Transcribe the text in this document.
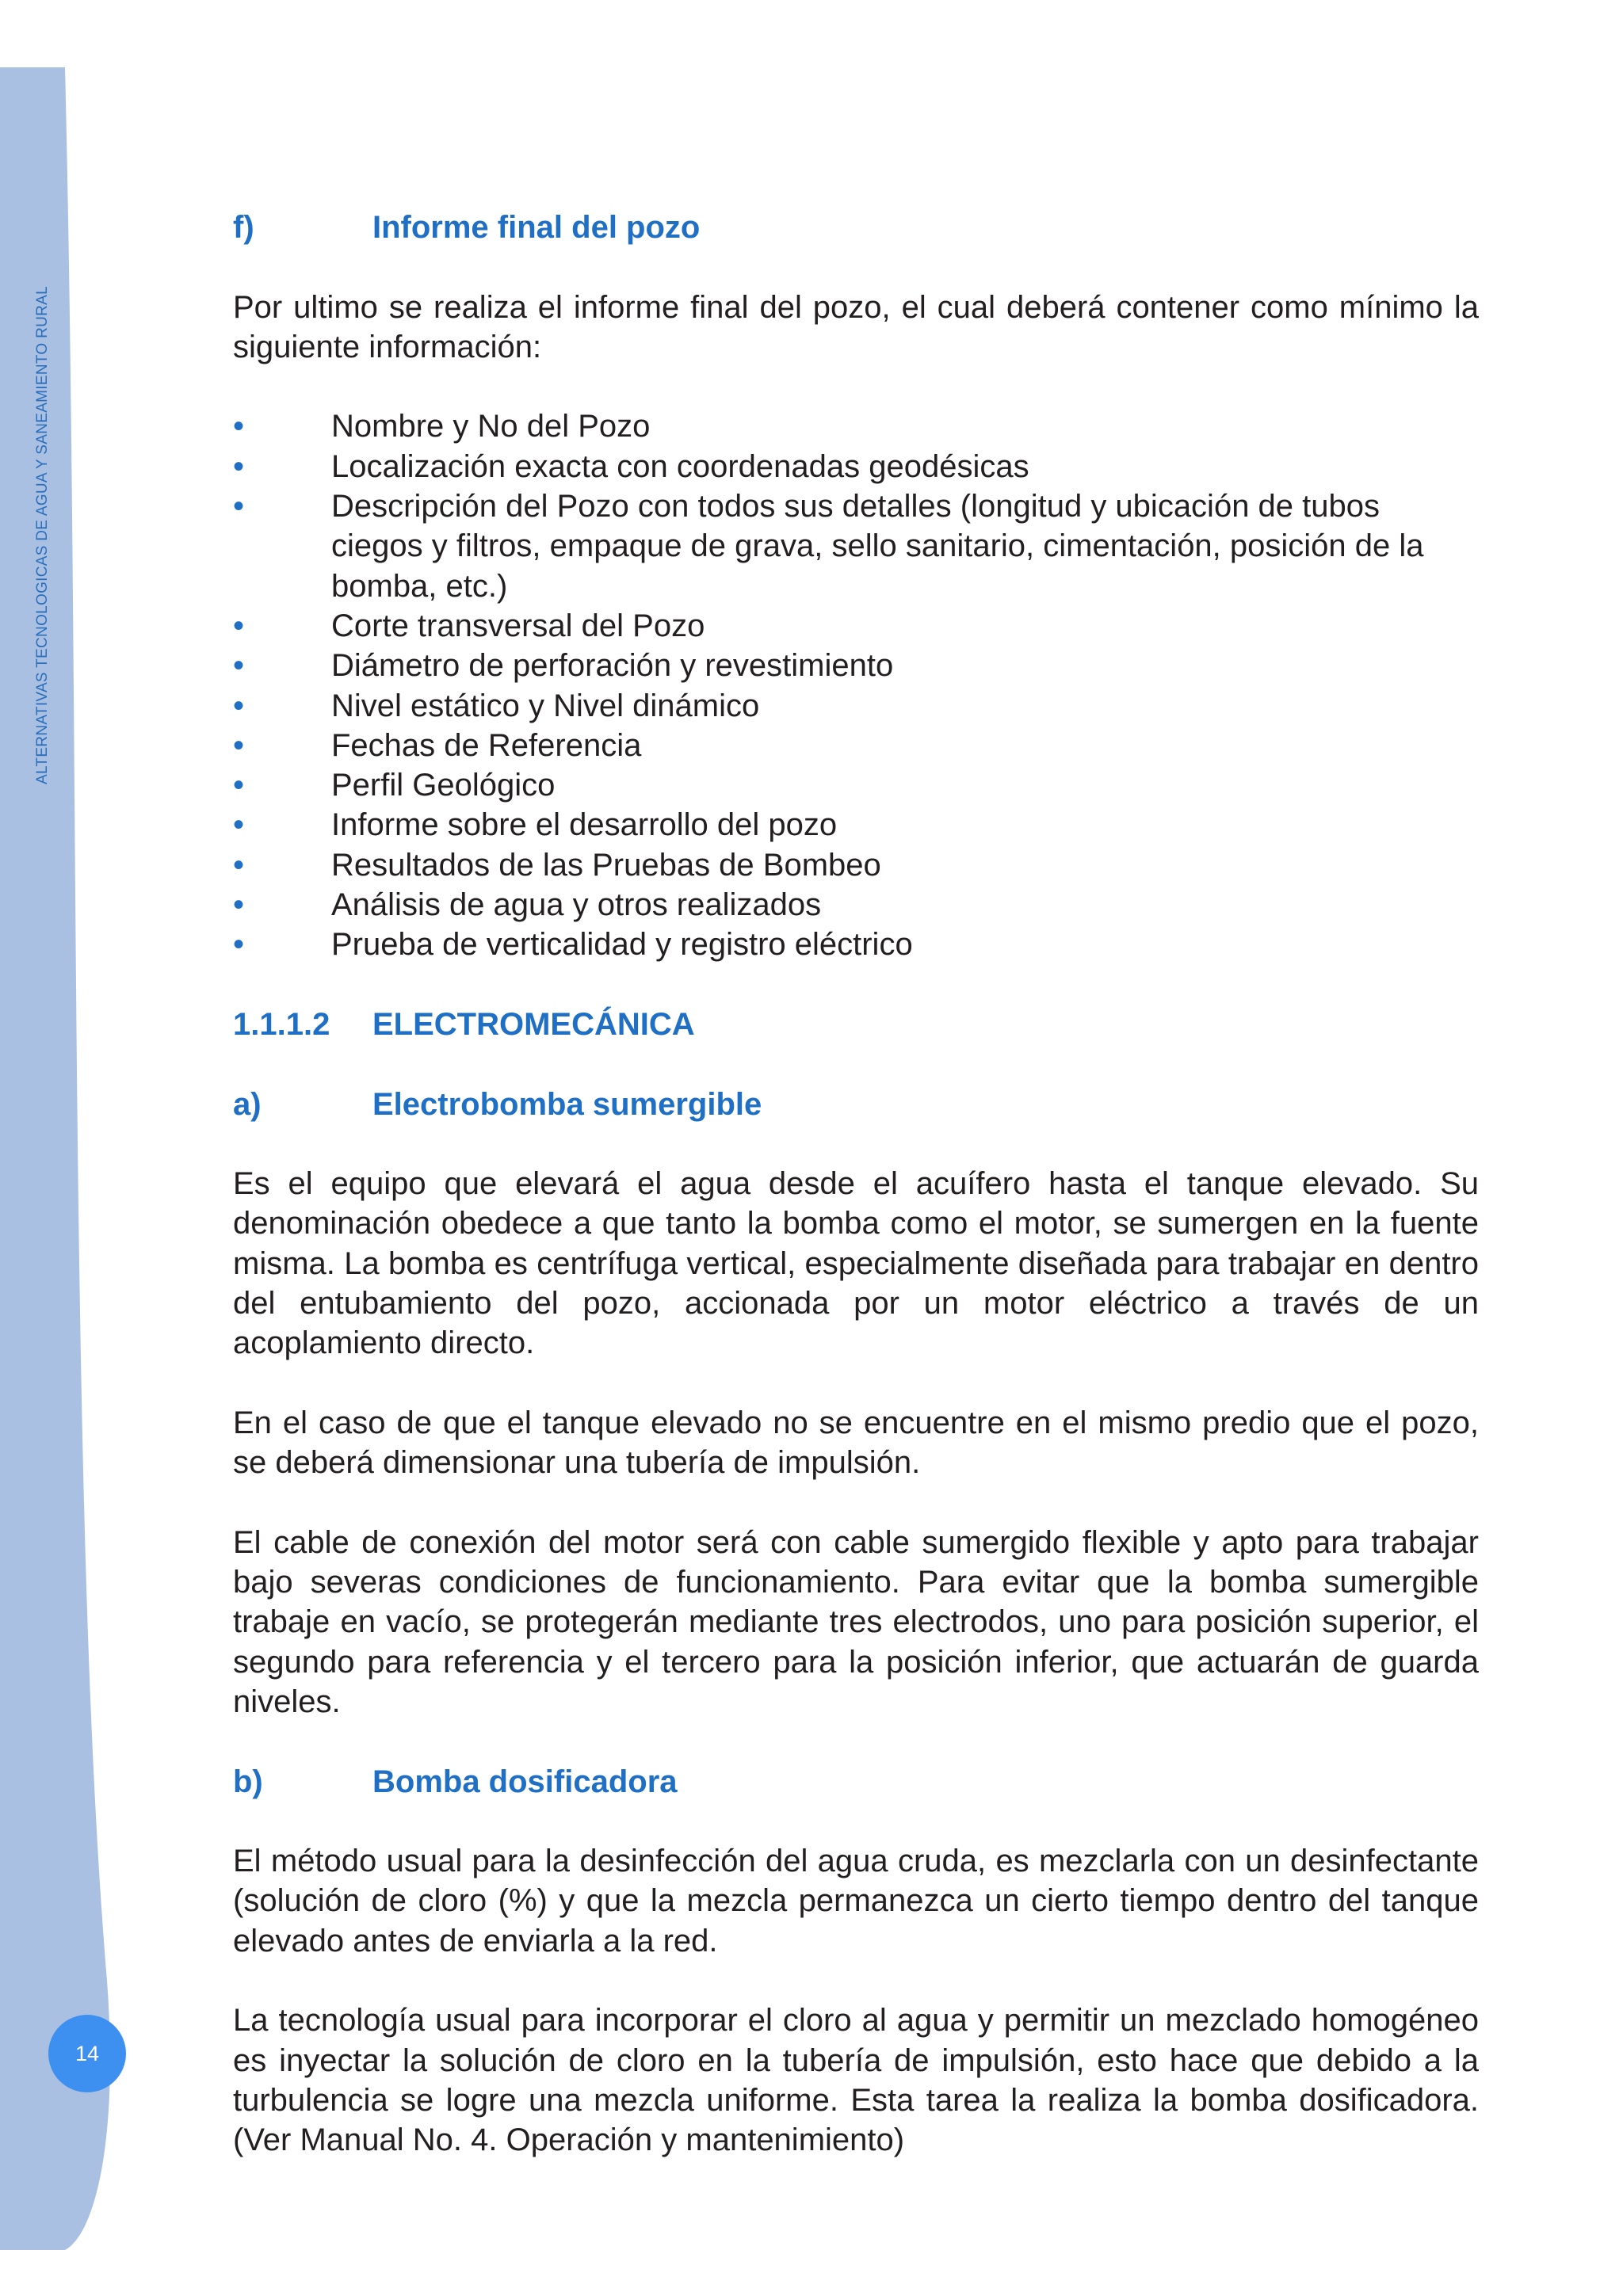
ALTERNATIVAS TECNOLOGICAS DE AGUA Y SANEAMIENTO RURAL
14
f)	Informe final del pozo

Por ultimo se realiza el informe final del pozo, el cual deberá contener como mínimo la siguiente información:

•	Nombre y No del Pozo
•	Localización exacta con coordenadas geodésicas
•	Descripción del Pozo con todos sus detalles (longitud y ubicación de tubos ciegos y filtros, empaque de grava, sello sanitario, cimentación, posición de la bomba, etc.)
•	Corte transversal del Pozo
•	Diámetro de perforación y revestimiento
•	Nivel estático y Nivel dinámico
•	Fechas de Referencia
•	Perfil Geológico
•	Informe sobre el desarrollo del pozo
•	Resultados de las Pruebas de Bombeo
•	Análisis de agua y otros realizados
•	Prueba de verticalidad y registro eléctrico
1.1.1.2 ELECTROMECÁNICA
a)	Electrobomba sumergible

Es el equipo que elevará el agua desde el acuífero hasta el tanque elevado. Su denominación obedece a que tanto la bomba como el motor, se sumergen en la fuente misma. La bomba es centrífuga vertical, especialmente diseñada para trabajar en dentro del entubamiento del pozo, accionada por un motor eléctrico a través de un acoplamiento directo.

En el caso de que el tanque elevado no se encuentre en el mismo predio que el pozo, se deberá dimensionar una tubería de impulsión.

El cable de conexión del motor será con cable sumergido flexible y apto para trabajar bajo severas condiciones de funcionamiento. Para evitar que la bomba sumergible trabaje en vacío, se protegerán mediante tres electrodos, uno para posición superior, el segundo para referencia y el tercero para la posición inferior, que actuarán de guarda niveles.

b)	Bomba dosificadora

El método usual para la desinfección del agua cruda, es mezclarla con un desinfectante (solución de cloro (%) y que la mezcla permanezca un cierto tiempo dentro del tanque elevado antes de enviarla a la red.

La tecnología usual para incorporar el cloro al agua y permitir un mezclado homogéneo es inyectar la solución de cloro en la tubería de impulsión, esto hace que debido a la turbulencia se logre una mezcla uniforme. Esta tarea la realiza la bomba dosificadora. (Ver Manual No. 4. Operación y mantenimiento)
